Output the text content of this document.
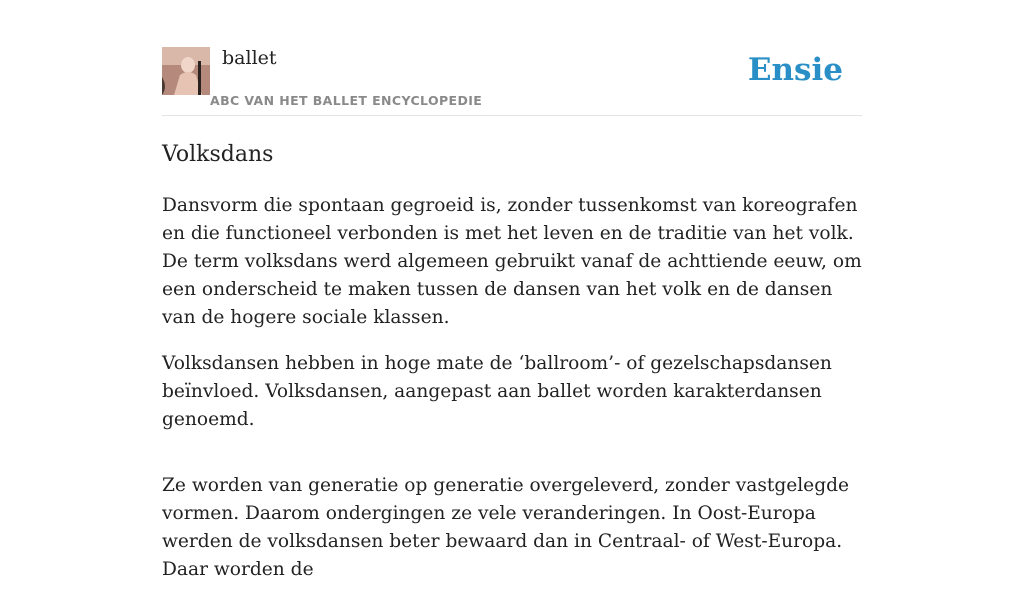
ballet
ABC VAN HET BALLET ENCYCLOPEDIE
Ensie
Volksdans

Dansvorm die spontaan gegroeid is, zonder tussenkomst van koreografen en die functioneel verbonden is met het leven en de traditie van het volk. De term volksdans werd algemeen gebruikt vanaf de achttiende eeuw, om een onderscheid te maken tussen de dansen van het volk en de dansen van de hogere sociale klassen.

Volksdansen hebben in hoge mate de ‘ballroom’- of gezelschapsdansen beïnvloed. Volksdansen, aangepast aan ballet worden karakterdansen genoemd.

Ze worden van generatie op generatie overgeleverd, zonder vastgelegde vormen. Daarom ondergingen ze vele veranderingen. In Oost-Europa werden de volksdansen beter bewaard dan in Centraal- of West-Europa. Daar worden de
